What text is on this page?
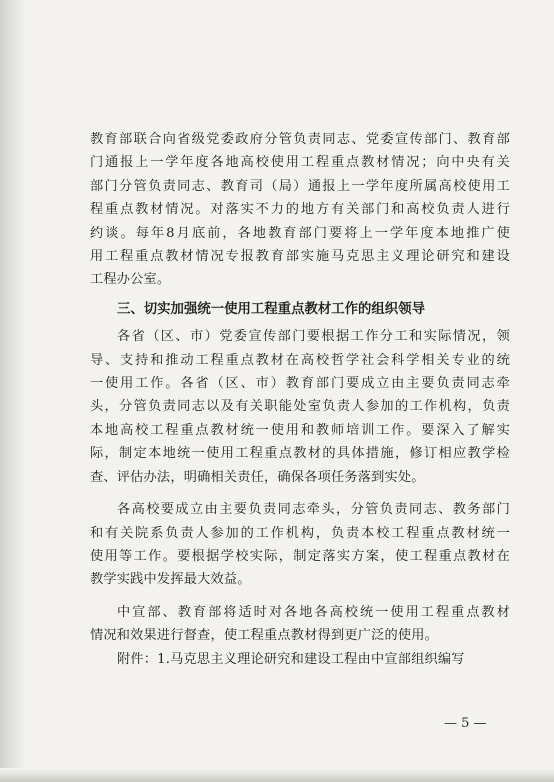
教育部联合向省级党委政府分管负责同志、党委宣传部门、教育部
门通报上一学年度各地高校使用工程重点教材情况；向中央有关
部门分管负责同志、教育司（局）通报上一学年度所属高校使用工
程重点教材情况。对落实不力的地方有关部门和高校负责人进行
约谈。每年8月底前，各地教育部门要将上一学年度本地推广使
用工程重点教材情况专报教育部实施马克思主义理论研究和建设
工程办公室。

三、切实加强统一使用工程重点教材工作的组织领导

各省（区、市）党委宣传部门要根据工作分工和实际情况，领
导、支持和推动工程重点教材在高校哲学社会科学相关专业的统
一使用工作。各省（区、市）教育部门要成立由主要负责同志牵
头，分管负责同志以及有关职能处室负责人参加的工作机构，负责
本地高校工程重点教材统一使用和教师培训工作。要深入了解实
际，制定本地统一使用工程重点教材的具体措施，修订相应教学检
查、评估办法，明确相关责任，确保各项任务落到实处。

各高校要成立由主要负责同志牵头，分管负责同志、教务部门
和有关院系负责人参加的工作机构，负责本校工程重点教材统一
使用等工作。要根据学校实际，制定落实方案，使工程重点教材在
教学实践中发挥最大效益。

中宣部、教育部将适时对各地各高校统一使用工程重点教材
情况和效果进行督查，使工程重点教材得到更广泛的使用。

附件：1.马克思主义理论研究和建设工程由中宣部组织编写

— 5 —
